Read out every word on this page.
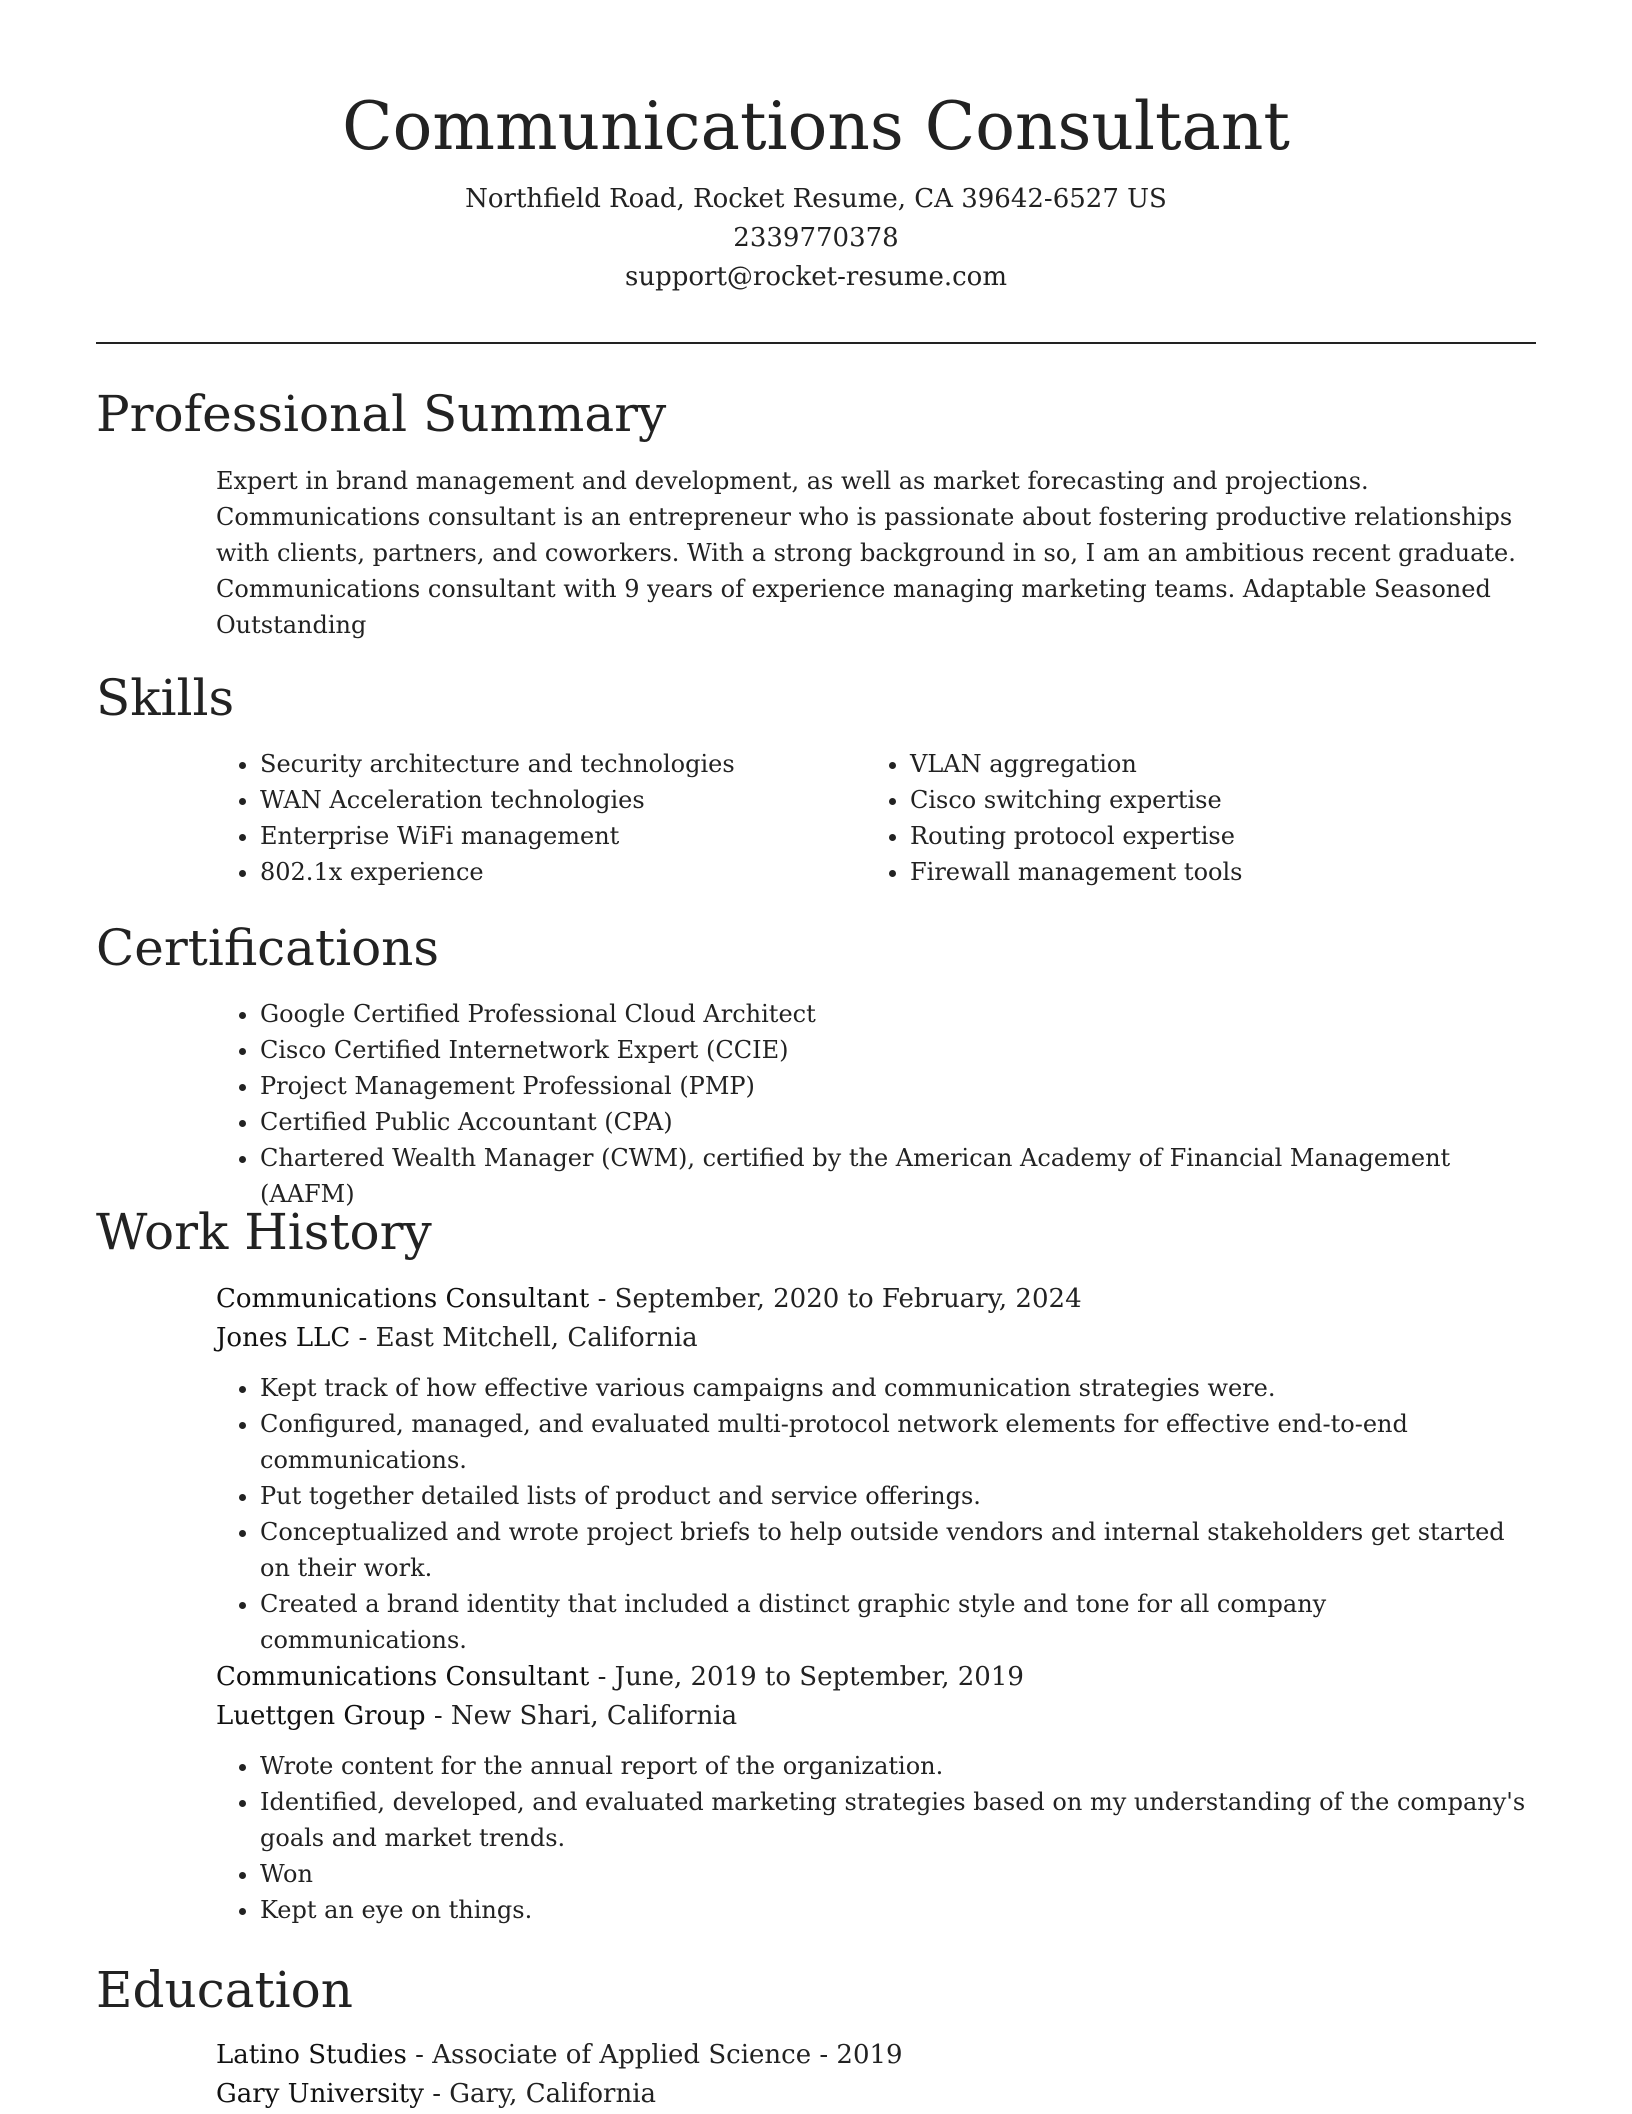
Communications Consultant
Northfield Road, Rocket Resume, CA 39642-6527 US
2339770378
support@rocket-resume.com
Professional Summary
Expert in brand management and development, as well as market forecasting and projections. Communications consultant is an entrepreneur who is passionate about fostering productive relationships with clients, partners, and coworkers. With a strong background in so, I am an ambitious recent graduate. Communications consultant with 9 years of experience managing marketing teams. Adaptable Seasoned Outstanding
Skills
• Security architecture and technologies
• WAN Acceleration technologies
• Enterprise WiFi management
• 802.1x experience
• VLAN aggregation
• Cisco switching expertise
• Routing protocol expertise
• Firewall management tools
Certifications
• Google Certified Professional Cloud Architect
• Cisco Certified Internetwork Expert (CCIE)
• Project Management Professional (PMP)
• Certified Public Accountant (CPA)
• Chartered Wealth Manager (CWM), certified by the American Academy of Financial Management (AAFM)
Work History
Communications Consultant - September, 2020 to February, 2024
Jones LLC - East Mitchell, California
• Kept track of how effective various campaigns and communication strategies were.
• Configured, managed, and evaluated multi-protocol network elements for effective end-to-end communications.
• Put together detailed lists of product and service offerings.
• Conceptualized and wrote project briefs to help outside vendors and internal stakeholders get started on their work.
• Created a brand identity that included a distinct graphic style and tone for all company communications.
Communications Consultant - June, 2019 to September, 2019
Luettgen Group - New Shari, California
• Wrote content for the annual report of the organization.
• Identified, developed, and evaluated marketing strategies based on my understanding of the company's goals and market trends.
• Won
• Kept an eye on things.
Education
Latino Studies - Associate of Applied Science - 2019
Gary University - Gary, California
